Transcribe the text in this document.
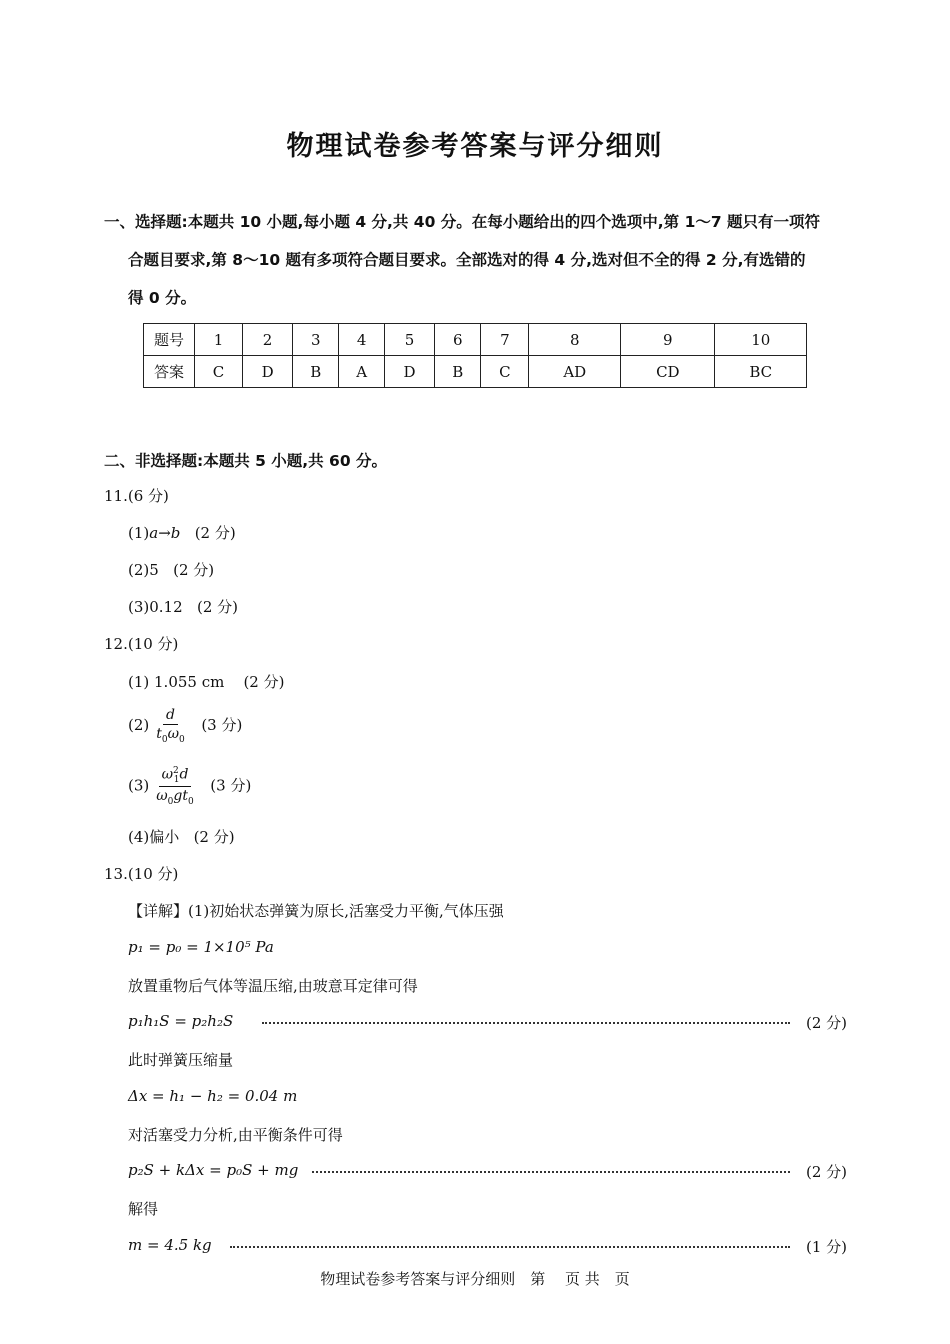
物理试卷参考答案与评分细则
一、选择题:本题共 10 小题,每小题 4 分,共 40 分。在每小题给出的四个选项中,第 1～7 题只有一项符
合题目要求,第 8～10 题有多项符合题目要求。全部选对的得 4 分,选对但不全的得 2 分,有选错的
得 0 分。
题号	1	2	3	4	5	6	7	8	9	10
答案	C	D	B	A	D	B	C	AD	CD	BC
二、非选择题:本题共 5 小题,共 60 分。
11.(6 分)
(1)a→b (2 分)
(2)5 (2 分)
(3)0.12 (2 分)
12.(10 分)
(1) 1.055 cm (2 分)
$(2) \frac{d}{t_0\omega_0} (3$ 分)
$(3) \frac{\omega^2_1d}{\omega_0gt_0} (3$ 分)
(4)偏小 (2 分)
13.(10 分)
【详解】(1)初始状态弹簧为原长,活塞受力平衡,气体压强
p₁ = p₀ = 1×10⁵ Pa
放置重物后气体等温压缩,由玻意耳定律可得
p₁h₁S = p₂h₂S	(2 分)
此时弹簧压缩量
Δx = h₁ − h₂ = 0.04 m
对活塞受力分析,由平衡条件可得
p₂S + kΔx = p₀S + mg	(2 分)
解得
m = 4.5 kg	(1 分)
物理试卷参考答案与评分细则　第　 页 共　页
